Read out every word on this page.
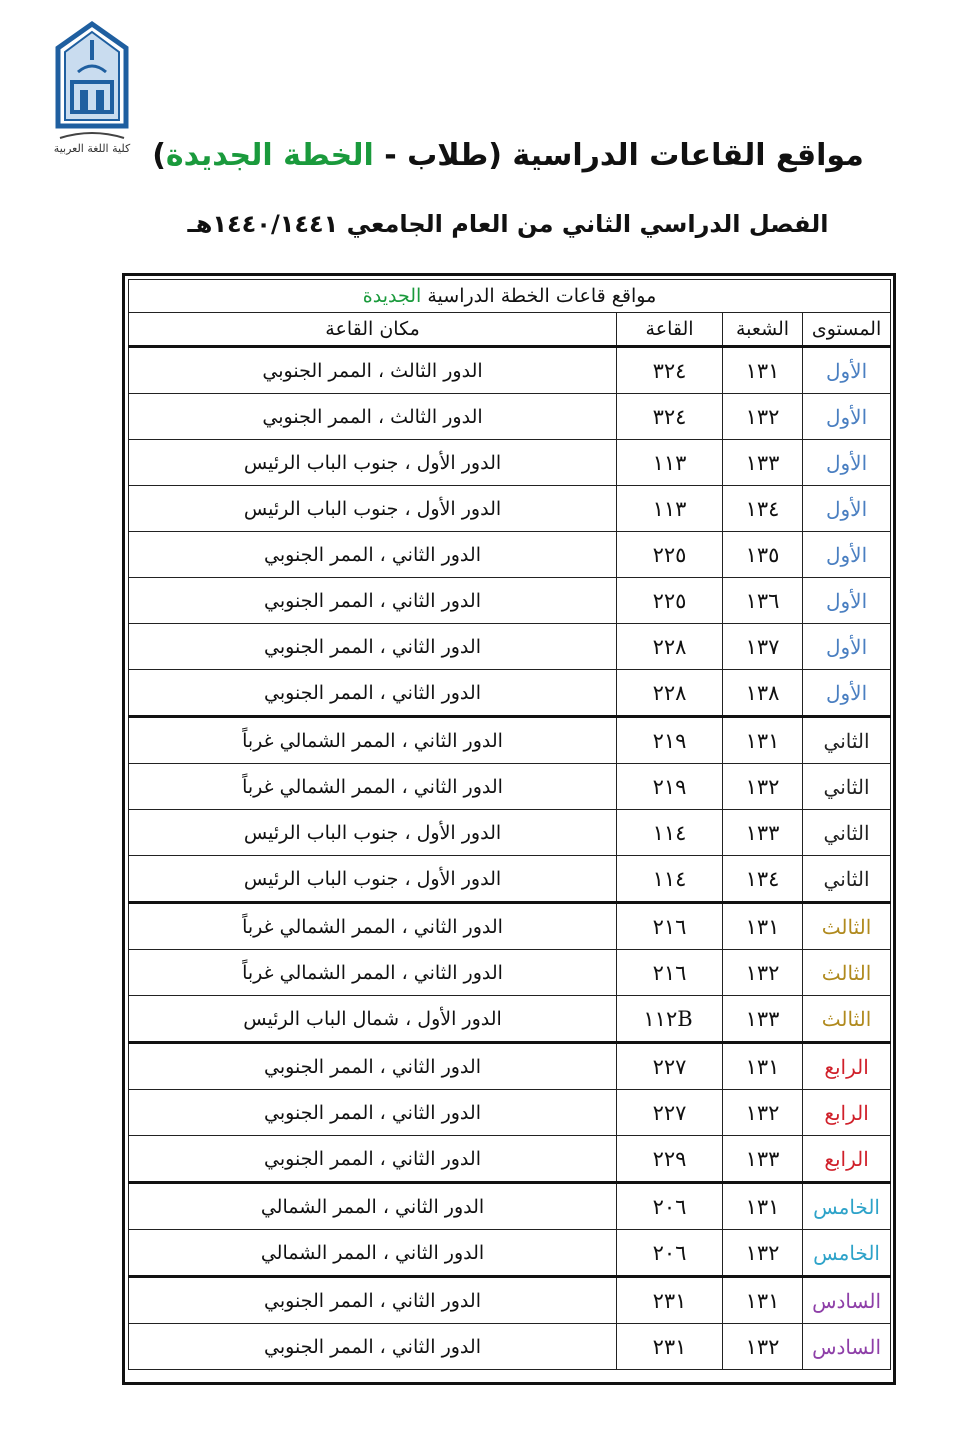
كلية اللغة العربية	مواقع القاعات الدراسية (طلاب - الخطة الجديدة)
الفصل الدراسي الثاني من العام الجامعي ١٤٤٠/١٤٤١هـ
مواقع قاعات الخطة الدراسية الجديدة			
المستوى	الشعبة	القاعة	مكان القاعة
الأول	١٣١	٣٢٤	الدور الثالث ، الممر الجنوبي
الأول	١٣٢	٣٢٤	الدور الثالث ، الممر الجنوبي
الأول	١٣٣	١١٣	الدور الأول ، جنوب الباب الرئيس
الأول	١٣٤	١١٣	الدور الأول ، جنوب الباب الرئيس
الأول	١٣٥	٢٢٥	الدور الثاني ، الممر الجنوبي
الأول	١٣٦	٢٢٥	الدور الثاني ، الممر الجنوبي
الأول	١٣٧	٢٢٨	الدور الثاني ، الممر الجنوبي
الأول	١٣٨	٢٢٨	الدور الثاني ، الممر الجنوبي
الثاني	١٣١	٢١٩	الدور الثاني ، الممر الشمالي غرباً
الثاني	١٣٢	٢١٩	الدور الثاني ، الممر الشمالي غرباً
الثاني	١٣٣	١١٤	الدور الأول ، جنوب الباب الرئيس
الثاني	١٣٤	١١٤	الدور الأول ، جنوب الباب الرئيس
الثالث	١٣١	٢١٦	الدور الثاني ، الممر الشمالي غرباً
الثالث	١٣٢	٢١٦	الدور الثاني ، الممر الشمالي غرباً
الثالث	١٣٣	١١٢B	الدور الأول ، شمال الباب الرئيس
الرابع	١٣١	٢٢٧	الدور الثاني ، الممر الجنوبي
الرابع	١٣٢	٢٢٧	الدور الثاني ، الممر الجنوبي
الرابع	١٣٣	٢٢٩	الدور الثاني ، الممر الجنوبي
الخامس	١٣١	٢٠٦	الدور الثاني ، الممر الشمالي
الخامس	١٣٢	٢٠٦	الدور الثاني ، الممر الشمالي
السادس	١٣١	٢٣١	الدور الثاني ، الممر الجنوبي
السادس	١٣٢	٢٣١	الدور الثاني ، الممر الجنوبي
